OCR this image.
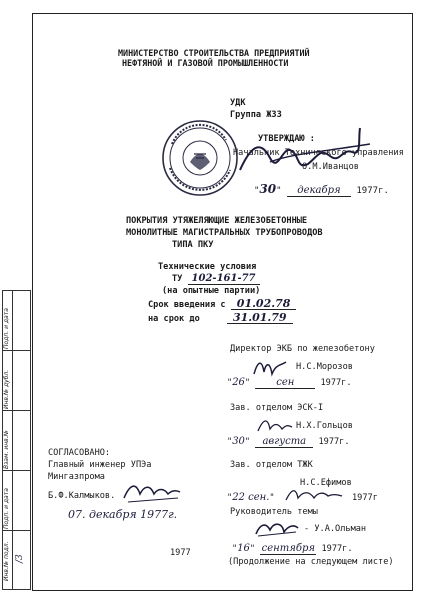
Подп. и дата
Инв.№ дубл.
Взам. инв.№
Подп. и дата
Инв.№ подл. /3
МИНИСТЕРСТВО СТРОИТЕЛЬСТВА ПРЕДПРИЯТИЙ
НЕФТЯНОЙ И ГАЗОВОЙ ПРОМЫШЛЕННОСТИ
УДК
Группа Ж33
УТВЕРЖДАЮ :
Начальник Технического управления
О.М.Иванцов
"30" декабря 1977г.
ПОКРЫТИЯ УТЯЖЕЛЯЮЩИЕ ЖЕЛЕЗОБЕТОННЫЕ
МОНОЛИТНЫЕ МАГИСТРАЛЬНЫХ ТРУБОПРОВОДОВ
ТИПА ПКУ
Технические условия
ТУ 102-161-77
(на опытные партии)
Срок введения с 01.02.78
на срок до	31.01.79
Директор ЭКБ по железобетону
Н.С.Морозов
"26"	сен	1977г.
Зав. отделом ЭСК-I
Н.Х.Гольцов
"30" августа 1977г.
Зав. отделом ТЖК
Н.С.Ефимов
"22 сен."	1977г
Руководитель темы
- У.А.Ольман
"16" сентября 1977г.
(Продолжение на следующем листе)
СОГЛАСОВАНО:
Главный инженер УПЭа
Мингазпрома
Б.Ф.Калмыков.
07. декабря 1977г.
1977
